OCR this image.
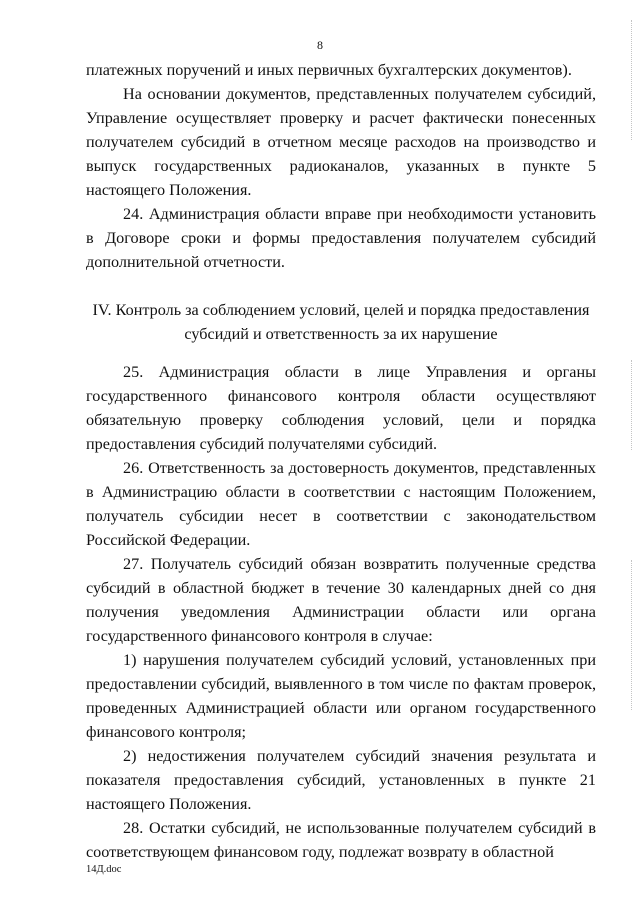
8

платежных поручений и иных первичных бухгалтерских документов).

На основании документов, представленных получателем субсидий, Управление осуществляет проверку и расчет фактически понесенных получателем субсидий в отчетном месяце расходов на производство и выпуск государственных радиоканалов, указанных в пункте 5 настоящего Положения.

24. Администрация области вправе при необходимости установить в Договоре сроки и формы предоставления получателем субсидий дополнительной отчетности.

IV. Контроль за соблюдением условий, целей и порядка предоставления
субсидий и ответственность за их нарушение

25. Администрация области в лице Управления и органы государственного финансового контроля области осуществляют обязательную проверку соблюдения условий, цели и порядка предоставления субсидий получателями субсидий.

26. Ответственность за достоверность документов, представленных в Администрацию области в соответствии с настоящим Положением, получатель субсидии несет в соответствии с законодательством Российской Федерации.

27. Получатель субсидий обязан возвратить полученные средства субсидий в областной бюджет в течение 30 календарных дней со дня получения уведомления Администрации области или органа государственного финансового контроля в случае:

1) нарушения получателем субсидий условий, установленных при предоставлении субсидий, выявленного в том числе по фактам проверок, проведенных Администрацией области или органом государственного финансового контроля;

2) недостижения получателем субсидий значения результата и показателя предоставления субсидий, установленных в пункте 21 настоящего Положения.

28. Остатки субсидий, не использованные получателем субсидий в соответствующем финансовом году, подлежат возврату в областной

14Д.doc
